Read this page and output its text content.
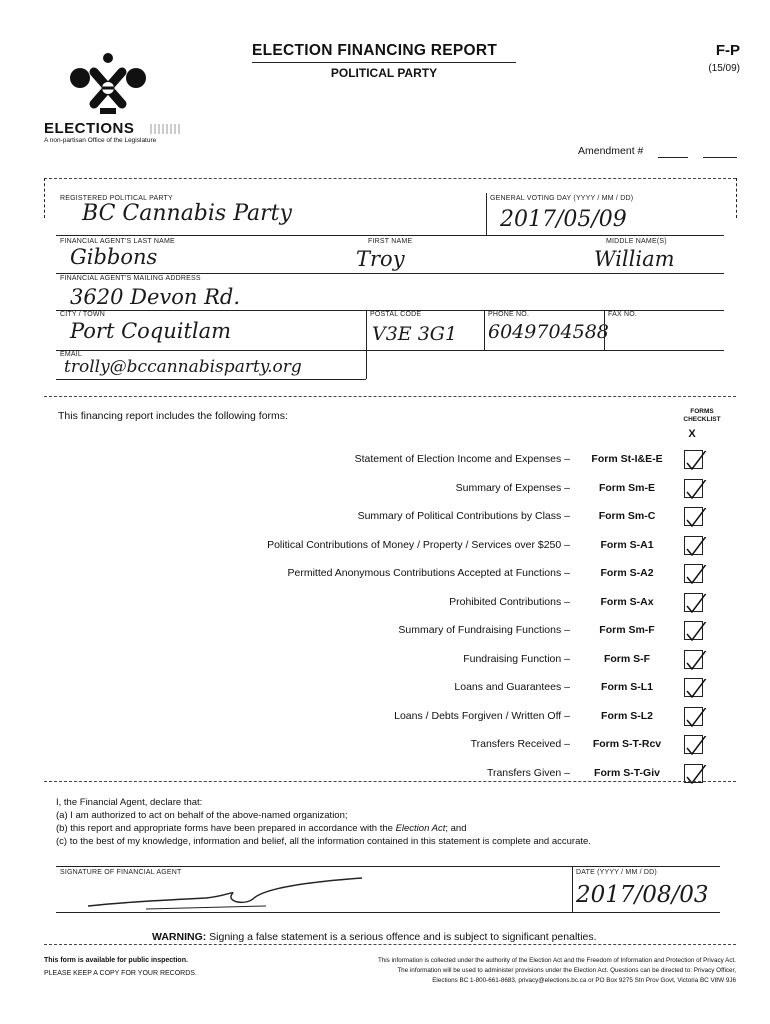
ELECTIONS
A non-partisan Office of the Legislature
ELECTION FINANCING REPORT
POLITICAL PARTY
F-P
(15/09)
Amendment #
REGISTERED POLITICAL PARTY
BC Cannabis Party
GENERAL VOTING DAY (YYYY / MM / DD)
2017/05/09
FINANCIAL AGENT'S LAST NAME
Gibbons
FIRST NAME
Troy
MIDDLE NAME(S)
William
FINANCIAL AGENT'S MAILING ADDRESS
3620 Devon Rd.
CITY / TOWN
Port Coquitlam
POSTAL CODE
V3E 3G1
PHONE NO.
6049704588
FAX NO.
EMAIL
trolly@bccannabisparty.org
This financing report includes the following forms:	FORMS CHECKLIST
X
Statement of Election Income and Expenses –	Form St-I&E-E
Summary of Expenses –	Form Sm-E
Summary of Political Contributions by Class –	Form Sm-C
Political Contributions of Money / Property / Services over $250 –	Form S-A1
Permitted Anonymous Contributions Accepted at Functions –	Form S-A2
Prohibited Contributions –	Form S-Ax
Summary of Fundraising Functions –	Form Sm-F
Fundraising Function –	Form S-F
Loans and Guarantees –	Form S-L1
Loans / Debts Forgiven / Written Off –	Form S-L2
Transfers Received –	Form S-T-Rcv
Transfers Given –	Form S-T-Giv
I, the Financial Agent, declare that:
(a) I am authorized to act on behalf of the above-named organization;
(b) this report and appropriate forms have been prepared in accordance with the Election Act; and
(c) to the best of my knowledge, information and belief, all the information contained in this statement is complete and accurate.
SIGNATURE OF FINANCIAL AGENT	DATE (YYYY / MM / DD)
2017/08/03
WARNING: Signing a false statement is a serious offence and is subject to significant penalties.
This form is available for public inspection.
PLEASE KEEP A COPY FOR YOUR RECORDS.
This information is collected under the authority of the Election Act and the Freedom of Information and Protection of Privacy Act.
The information will be used to administer provisions under the Election Act. Questions can be directed to: Privacy Officer,
Elections BC 1-800-661-8683, privacy@elections.bc.ca or PO Box 9275 Stn Prov Govt, Victoria BC V8W 9J6
